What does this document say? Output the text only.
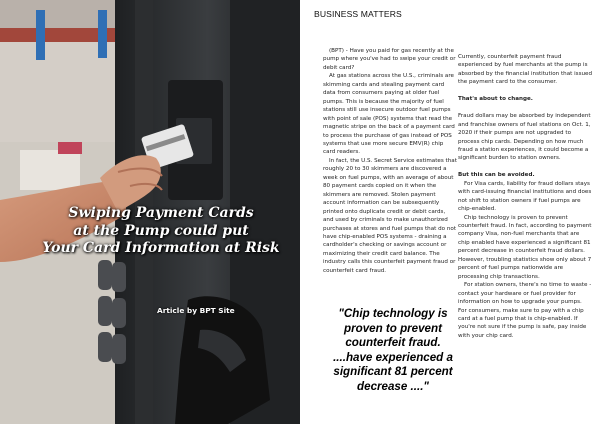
Swiping Payment Cards
at the Pump could put
Your Card Information at Risk
Article by BPT Site
BUSINESS MATTERS

(BPT) - Have you paid for gas recently at the pump where you've had to swipe your credit or debit card?

At gas stations across the U.S., criminals are skimming cards and stealing payment card data from consumers paying at older fuel pumps. This is because the majority of fuel stations still use insecure outdoor fuel pumps with point of sale (POS) systems that read the magnetic stripe on the back of a payment card to process the purchase of gas instead of POS systems that use more secure EMV(R) chip card readers.

In fact, the U.S. Secret Service estimates that roughly 20 to 30 skimmers are discovered a week on fuel pumps, with an average of about 80 payment cards copied on it when the skimmers are removed. Stolen payment account information can be subsequently printed onto duplicate credit or debit cards, and used by criminals to make unauthorized purchases at stores and fuel pumps that do not have chip-enabled POS systems - draining a cardholder's checking or savings account or maximizing their credit card balance. The industry calls this counterfeit payment fraud or counterfeit card fraud.

"Chip technology is proven to prevent counterfeit fraud. ....have experienced a significant 81 percent decrease ...."

Currently, counterfeit payment fraud experienced by fuel merchants at the pump is absorbed by the financial institution that issued the payment card to the consumer.

That's about to change.

Fraud dollars may be absorbed by independent and franchise owners of fuel stations on Oct. 1, 2020 if their pumps are not upgraded to process chip cards. Depending on how much fraud a station experiences, it could become a significant burden to station owners.

But this can be avoided.

For Visa cards, liability for fraud dollars stays with card-issuing financial institutions and does not shift to station owners if fuel pumps are chip-enabled.

Chip technology is proven to prevent counterfeit fraud. In fact, according to payment company Visa, non-fuel merchants that are chip enabled have experienced a significant 81 percent decrease in counterfeit fraud dollars. However, troubling statistics show only about 7 percent of fuel pumps nationwide are processing chip transactions.

For station owners, there's no time to waste - contact your hardware or fuel provider for information on how to upgrade your pumps. For consumers, make sure to pay with a chip card at a fuel pump that is chip-enabled. If you're not sure if the pump is safe, pay inside with your chip card.
